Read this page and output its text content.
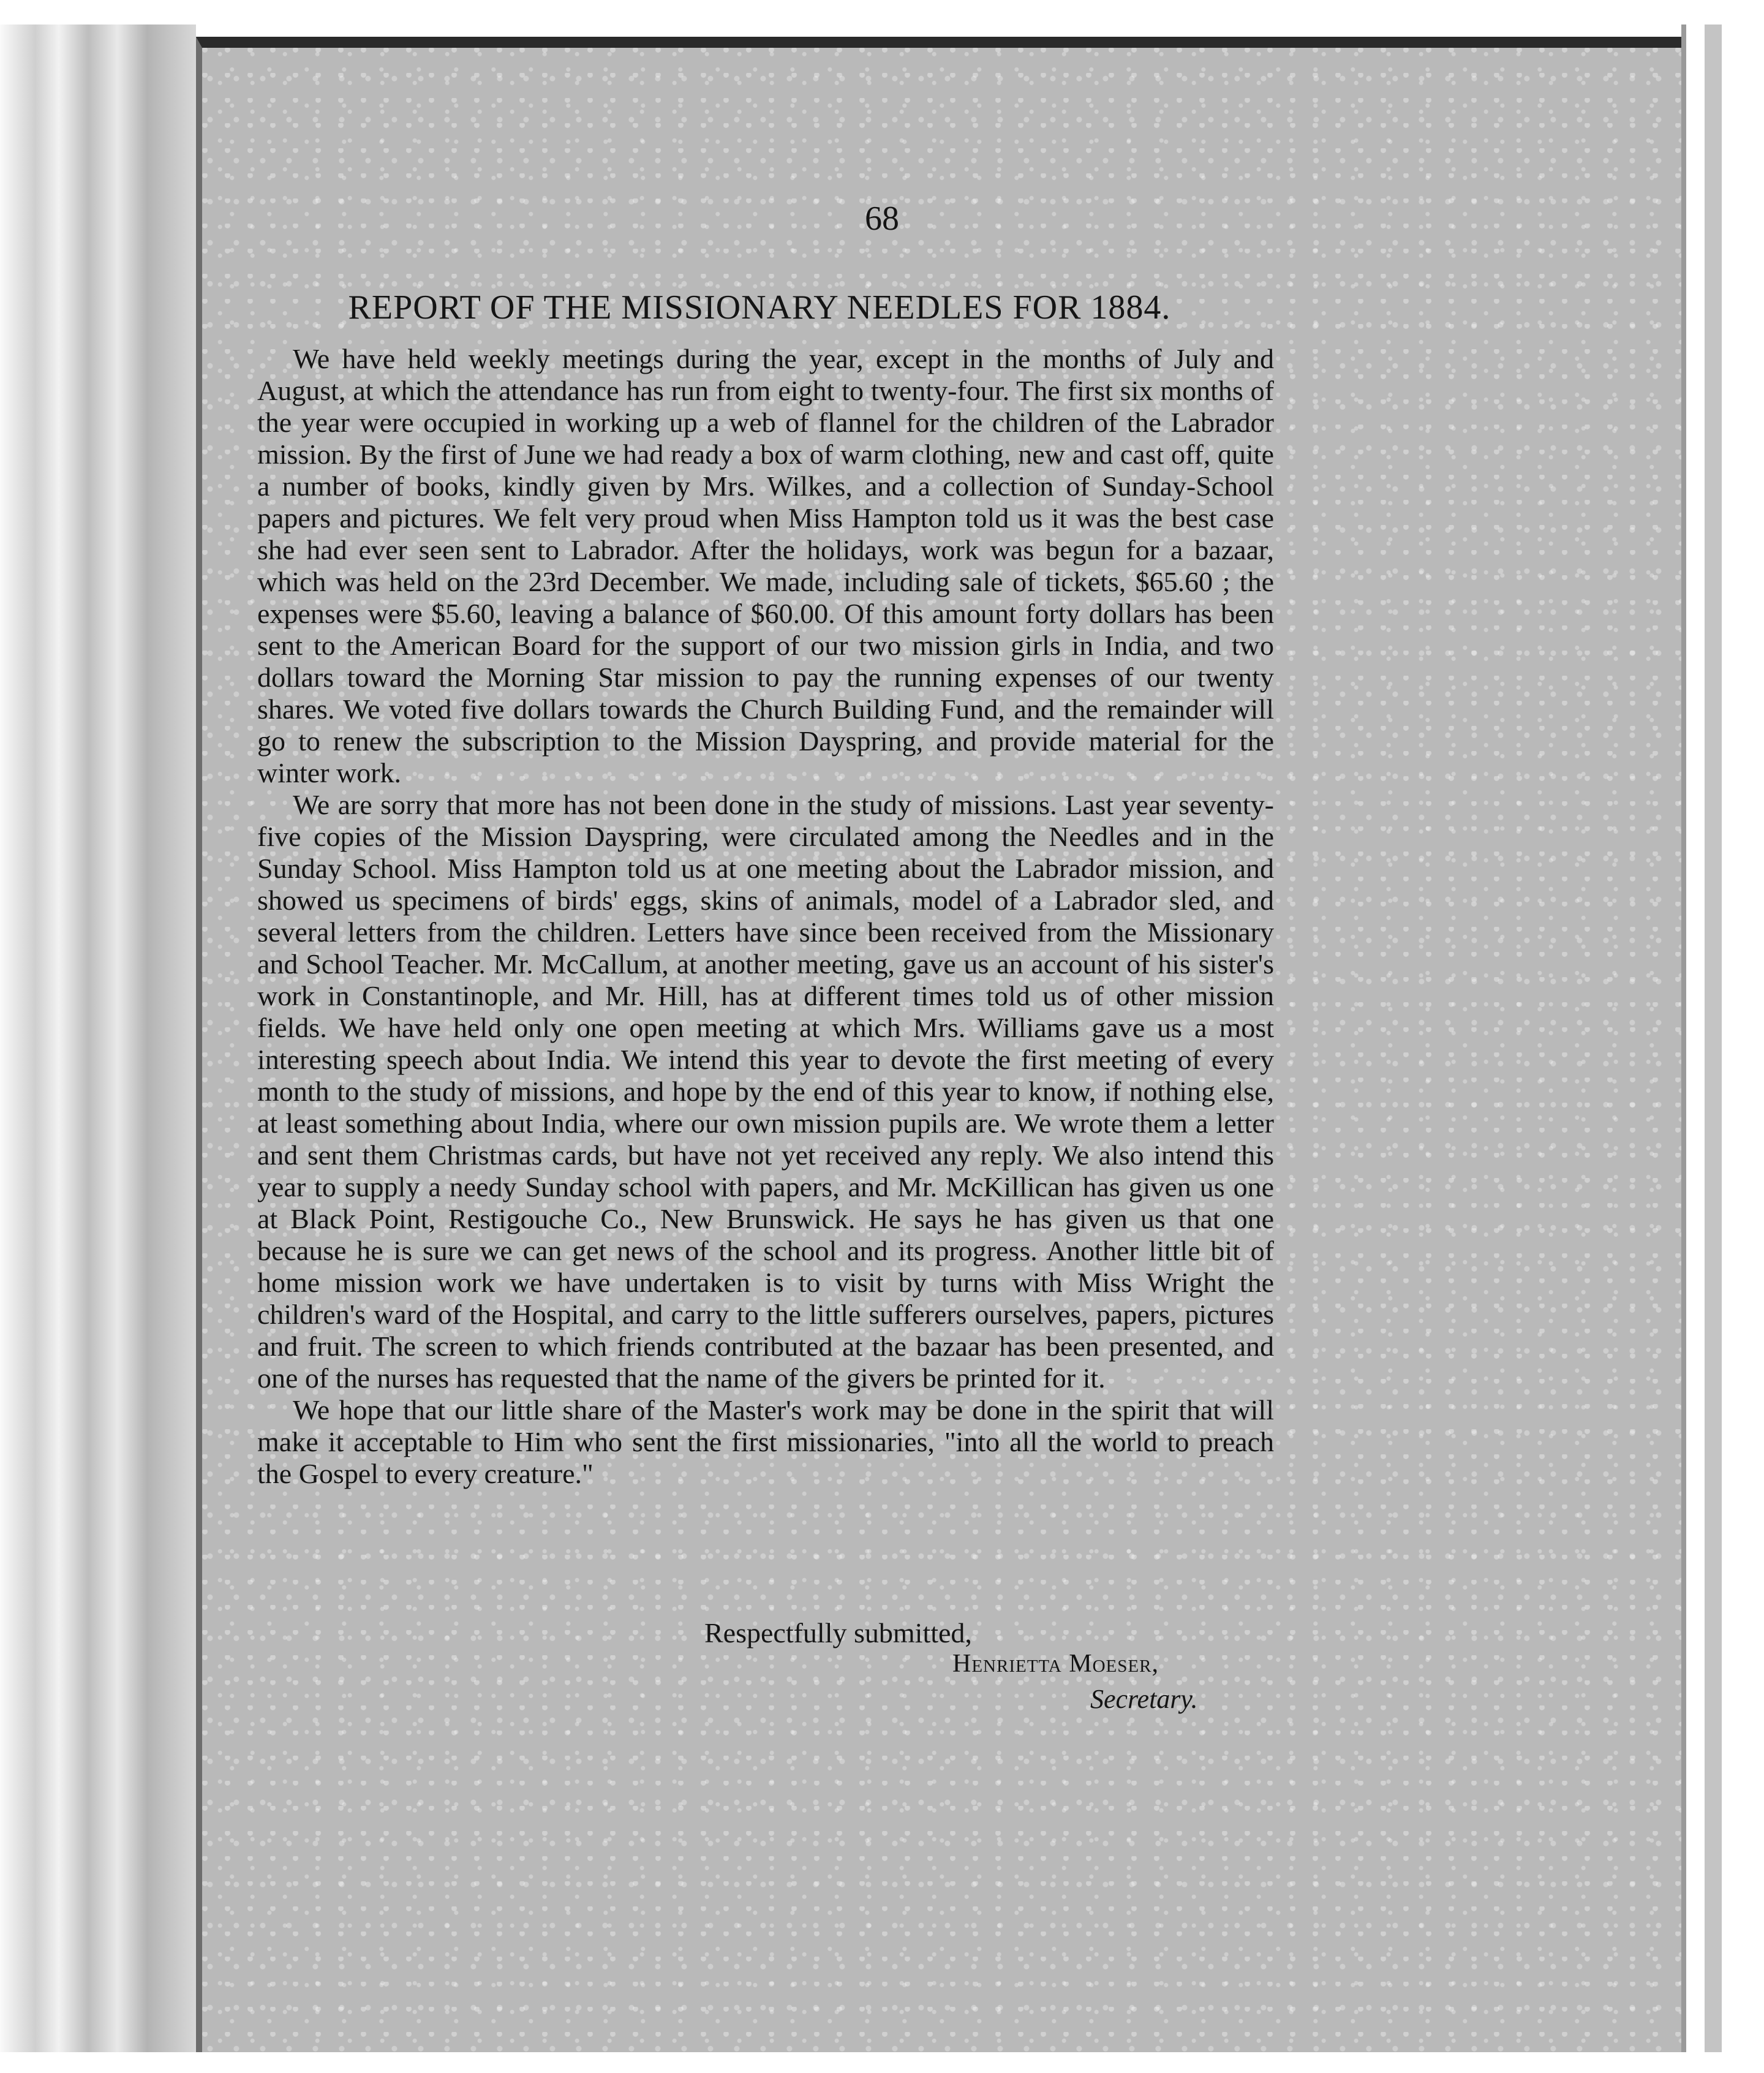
68
REPORT OF THE MISSIONARY NEEDLES FOR 1884.

We have held weekly meetings during the year, except in the months of July and August, at which the attendance has run from eight to twenty-four. The first six months of the year were occupied in working up a web of flannel for the children of the Labrador mission. By the first of June we had ready a box of warm clothing, new and cast off, quite a number of books, kindly given by Mrs. Wilkes, and a collection of Sunday-School papers and pictures. We felt very proud when Miss Hampton told us it was the best case she had ever seen sent to Labrador. After the holidays, work was begun for a bazaar, which was held on the 23rd December. We made, including sale of tickets, $65.60 ; the expenses were $5.60, leaving a balance of $60.00. Of this amount forty dollars has been sent to the American Board for the support of our two mission girls in India, and two dollars toward the Morning Star mission to pay the running expenses of our twenty shares. We voted five dollars towards the Church Building Fund, and the remainder will go to renew the subscription to the Mission Dayspring, and provide material for the winter work.

We are sorry that more has not been done in the study of missions. Last year seventy-five copies of the Mission Dayspring, were circulated among the Needles and in the Sunday School. Miss Hampton told us at one meeting about the Labrador mission, and showed us specimens of birds' eggs, skins of animals, model of a Labrador sled, and several letters from the children. Letters have since been received from the Missionary and School Teacher. Mr. McCallum, at another meeting, gave us an account of his sister's work in Constantinople, and Mr. Hill, has at different times told us of other mission fields. We have held only one open meeting at which Mrs. Williams gave us a most interesting speech about India. We intend this year to devote the first meeting of every month to the study of missions, and hope by the end of this year to know, if nothing else, at least something about India, where our own mission pupils are. We wrote them a letter and sent them Christmas cards, but have not yet received any reply. We also intend this year to supply a needy Sunday school with papers, and Mr. McKillican has given us one at Black Point, Restigouche Co., New Brunswick. He says he has given us that one because he is sure we can get news of the school and its progress. Another little bit of home mission work we have undertaken is to visit by turns with Miss Wright the children's ward of the Hospital, and carry to the little sufferers ourselves, papers, pictures and fruit. The screen to which friends contributed at the bazaar has been presented, and one of the nurses has requested that the name of the givers be printed for it.

We hope that our little share of the Master's work may be done in the spirit that will make it acceptable to Him who sent the first missionaries, "into all the world to preach the Gospel to every creature."

Respectfully submitted,
Henrietta Moeser,
Secretary.
